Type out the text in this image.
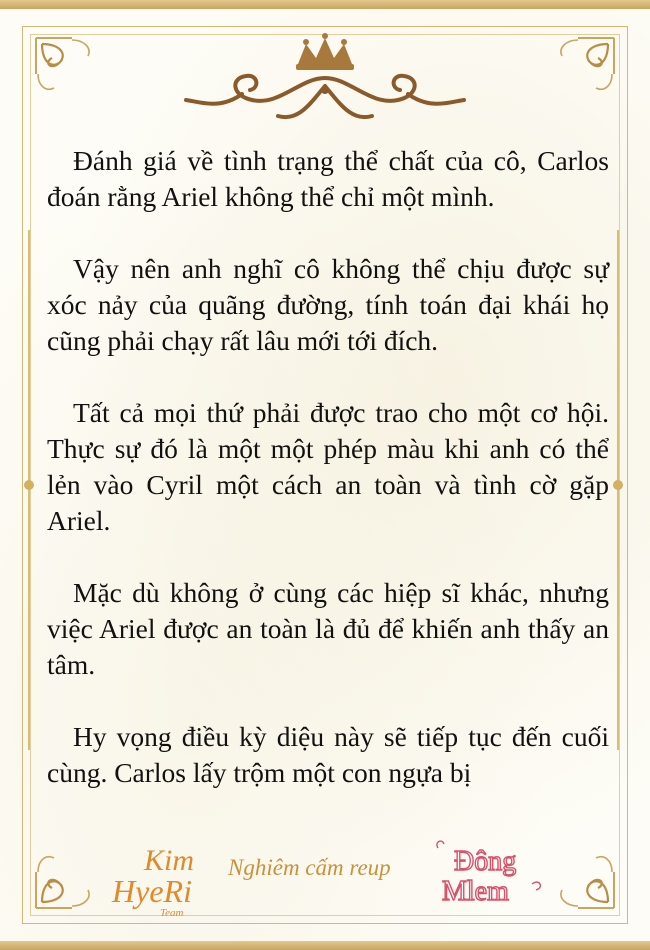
Đánh giá về tình trạng thể chất của cô, Carlos đoán rằng Ariel không thể chỉ một mình.

Vậy nên anh nghĩ cô không thể chịu được sự xóc nảy của quãng đường, tính toán đại khái họ cũng phải chạy rất lâu mới tới đích.

Tất cả mọi thứ phải được trao cho một cơ hội. Thực sự đó là một một phép màu khi anh có thể lẻn vào Cyril một cách an toàn và tình cờ gặp Ariel.

Mặc dù không ở cùng các hiệp sĩ khác, nhưng việc Ariel được an toàn là đủ để khiến anh thấy an tâm.

Hy vọng điều kỳ diệu này sẽ tiếp tục đến cuối cùng. Carlos lấy trộm một con ngựa bị

Kim
HyeRi
Team
Nghiêm cấm reup Đông
Mlem
